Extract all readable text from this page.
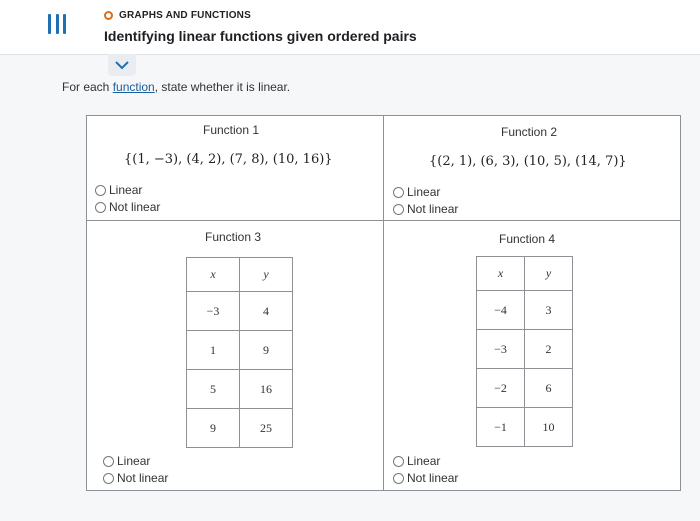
GRAPHS AND FUNCTIONS
Identifying linear functions given ordered pairs
For each function, state whether it is linear.
Function 1
{(1, −3), (4, 2), (7, 8), (10, 16)}
Linear
Not linear
Function 2
{(2, 1), (6, 3), (10, 5), (14, 7)}
Linear
Not linear
Function 3
x	y
−3	4
1	9
5	16
9	25
Linear
Not linear
Function 4
x	y
−4	3
−3	2
−2	6
−1	10
Linear
Not linear
